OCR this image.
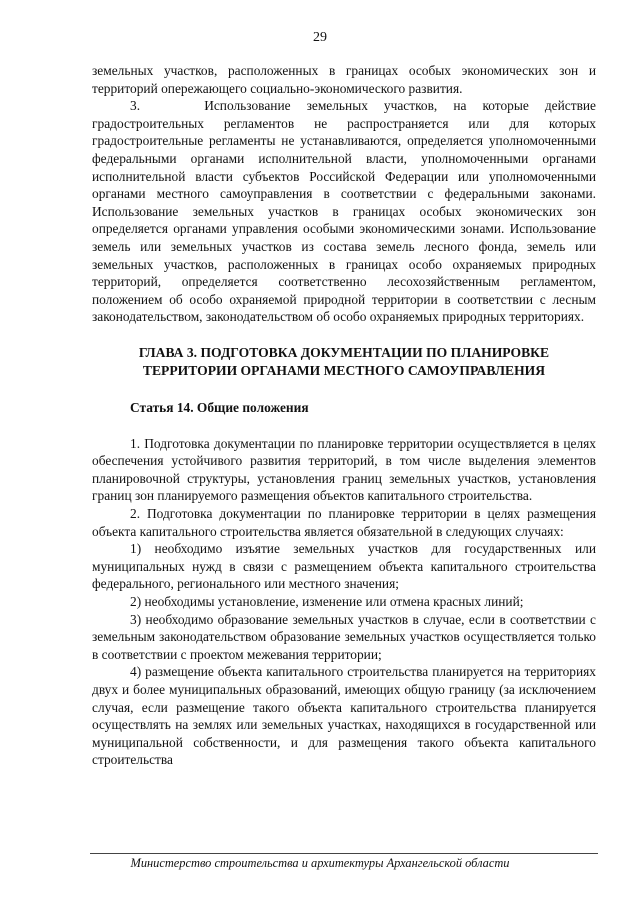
29

земельных участков, расположенных в границах особых экономических зон и территорий опережающего социально-экономического развития.

3.    Использование земельных участков, на которые действие градостроительных регламентов не распространяется или для которых градостроительные регламенты не устанавливаются, определяется уполномоченными федеральными органами исполнительной власти, уполномоченными органами исполнительной власти субъектов Российской Федерации или уполномоченными органами местного самоуправления в соответствии с федеральными законами. Использование земельных участков в границах особых экономических зон определяется органами управления особыми экономическими зонами. Использование земель или земельных участков из состава земель лесного фонда, земель или земельных участков, расположенных в границах особо охраняемых природных территорий, определяется соответственно лесохозяйственным регламентом, положением об особо охраняемой природной территории в соответствии с лесным законодательством, законодательством об особо охраняемых природных территориях.

ГЛАВА 3. ПОДГОТОВКА ДОКУМЕНТАЦИИ ПО ПЛАНИРОВКЕ ТЕРРИТОРИИ ОРГАНАМИ МЕСТНОГО САМОУПРАВЛЕНИЯ

Статья 14. Общие положения

1. Подготовка документации по планировке территории осуществляется в целях обеспечения устойчивого развития территорий, в том числе выделения элементов планировочной структуры, установления границ земельных участков, установления границ зон планируемого размещения объектов капитального строительства.

2. Подготовка документации по планировке территории в целях размещения объекта капитального строительства является обязательной в следующих случаях:

1) необходимо изъятие земельных участков для государственных или муниципальных нужд в связи с размещением объекта капитального строительства федерального, регионального или местного значения;

2) необходимы установление, изменение или отмена красных линий;

3) необходимо образование земельных участков в случае, если в соответствии с земельным законодательством образование земельных участков осуществляется только в соответствии с проектом межевания территории;

4) размещение объекта капитального строительства планируется на территориях двух и более муниципальных образований, имеющих общую границу (за исключением случая, если размещение такого объекта капитального строительства планируется осуществлять на землях или земельных участках, находящихся в государственной или муниципальной собственности, и для размещения такого объекта капитального строительства

Министерство строительства и архитектуры Архангельской области
